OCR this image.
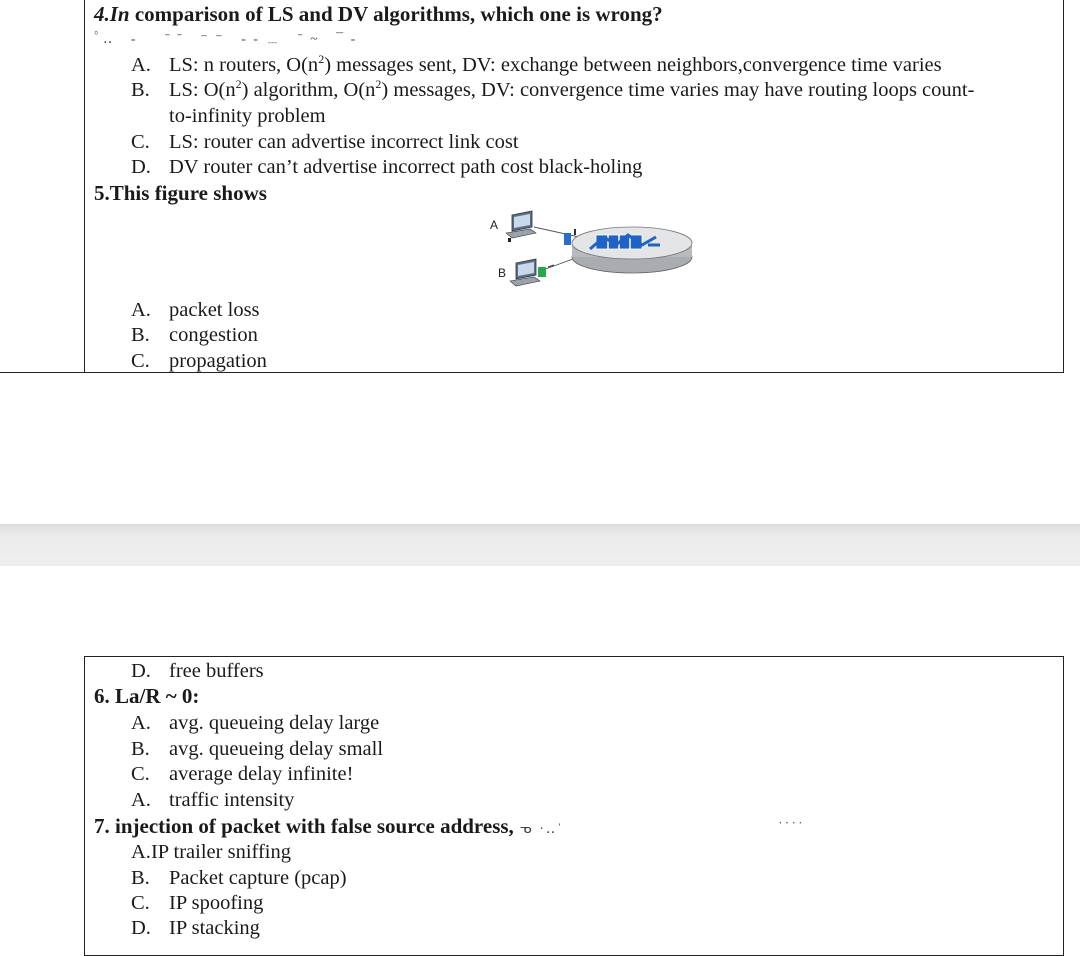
4.In comparison of LS and DV algorithms, which one is wrong?
ﾟ‥   ‐     ˉ ˉ   ⁻ ⁻   ‐ ‐ ﹍   ˉ ~   ¯ ‐
A. LS: n routers, $O(n^2)$ messages sent, DV: exchange between neighbors,convergence time varies
B. LS: $O(n^2)$ algorithm, $O(n^2)$ messages, DV: convergence time varies may have routing loops count-
to-infinity problem
C. LS: router can advertise incorrect link cost
D. DV router can’t advertise incorrect path cost black-holing
5.This figure shows
A
B
A. packet loss
B. congestion
C. propagation
D. free buffers
6. La/R ~ 0:
A. avg. queueing delay large
B. avg. queueing delay small
C. average delay infinite!
A. traffic intensity
7. injection of packet with false source address, ᓀ ·‥ˈ	˙˙˙˙
A.IP trailer sniffing
B. Packet capture (pcap)
C. IP spoofing
D. IP stacking
